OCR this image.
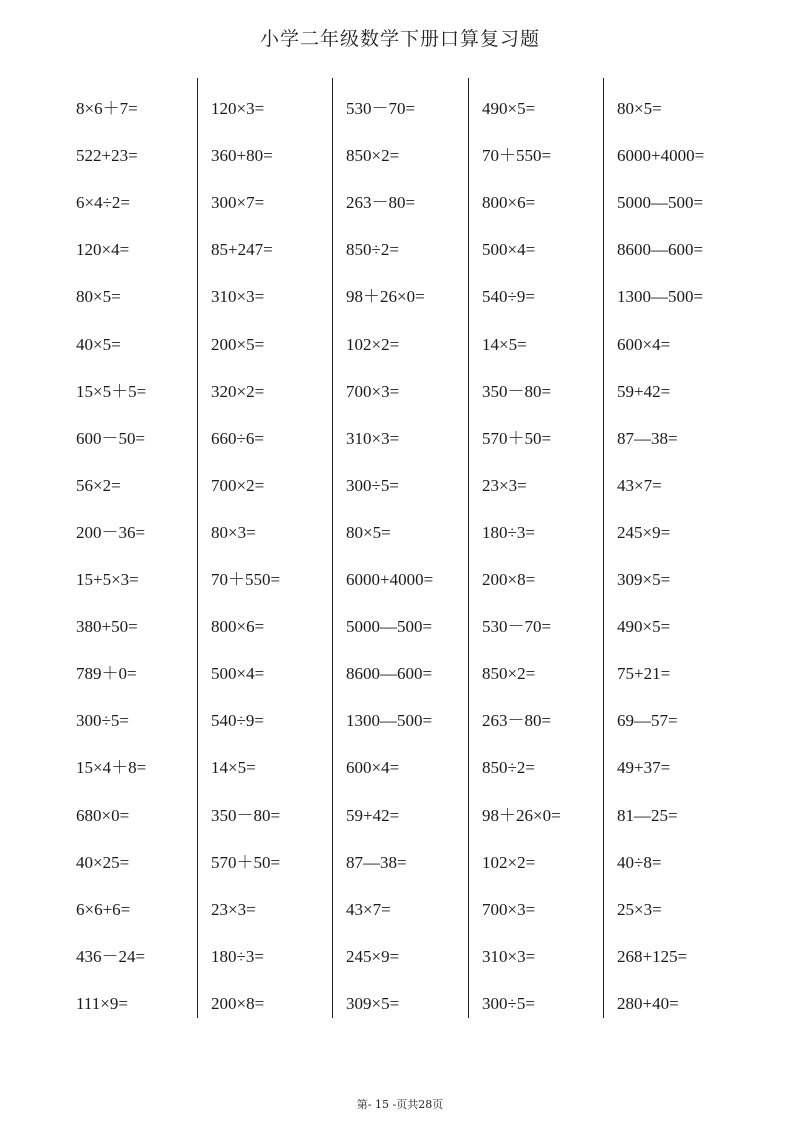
小学二年级数学下册口算复习题
8×6＋7=
522+23=
6×4÷2=
120×4=
80×5=
40×5=
15×5＋5=
600－50=
56×2=
200－36=
15+5×3=
380+50=
789＋0=
300÷5=
15×4＋8=
680×0=
40×25=
6×6+6=
436－24=
111×9=
120×3=
360+80=
300×7=
85+247=
310×3=
200×5=
320×2=
660÷6=
700×2=
80×3=
70＋550=
800×6=
500×4=
540÷9=
14×5=
350－80=
570＋50=
23×3=
180÷3=
200×8=
530－70=
850×2=
263－80=
850÷2=
98＋26×0=
102×2=
700×3=
310×3=
300÷5=
80×5=
6000+4000=
5000—500=
8600—600=
1300—500=
600×4=
59+42=
87—38=
43×7=
245×9=
309×5=
490×5=
70＋550=
800×6=
500×4=
540÷9=
14×5=
350－80=
570＋50=
23×3=
180÷3=
200×8=
530－70=
850×2=
263－80=
850÷2=
98＋26×0=
102×2=
700×3=
310×3=
300÷5=
80×5=
6000+4000=
5000—500=
8600—600=
1300—500=
600×4=
59+42=
87—38=
43×7=
245×9=
309×5=
490×5=
75+21=
69—57=
49+37=
81—25=
40÷8=
25×3=
268+125=
280+40=
第- 15 -页共28页
